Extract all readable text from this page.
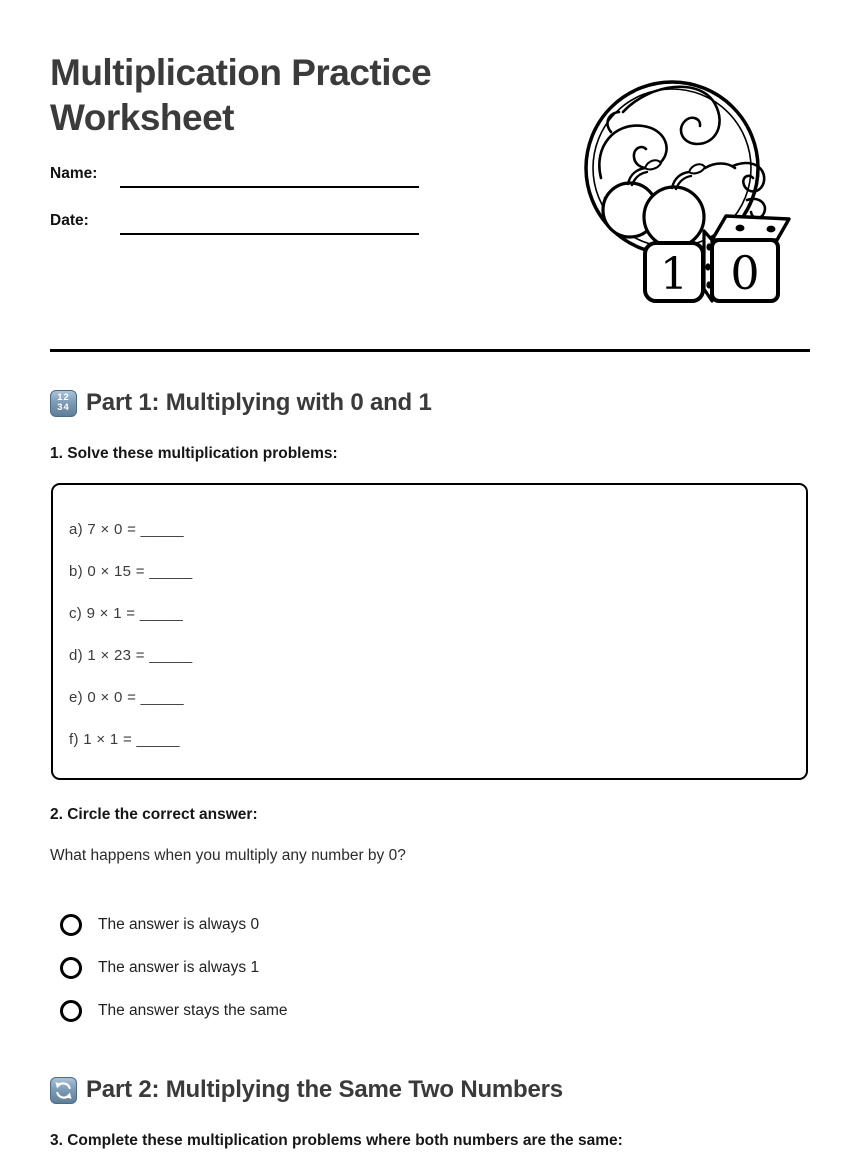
Multiplication Practice Worksheet
Name:
Date:
0
1
12
34 Part 1: Multiplying with 0 and 1
1. Solve these multiplication problems:
a) 7 × 0 = _____
b) 0 × 15 = _____
c) 9 × 1 = _____
d) 1 × 23 = _____
e) 0 × 0 = _____
f) 1 × 1 = _____
2. Circle the correct answer:
What happens when you multiply any number by 0?
The answer is always 0
The answer is always 1
The answer stays the same
Part 2: Multiplying the Same Two Numbers
3. Complete these multiplication problems where both numbers are the same:
